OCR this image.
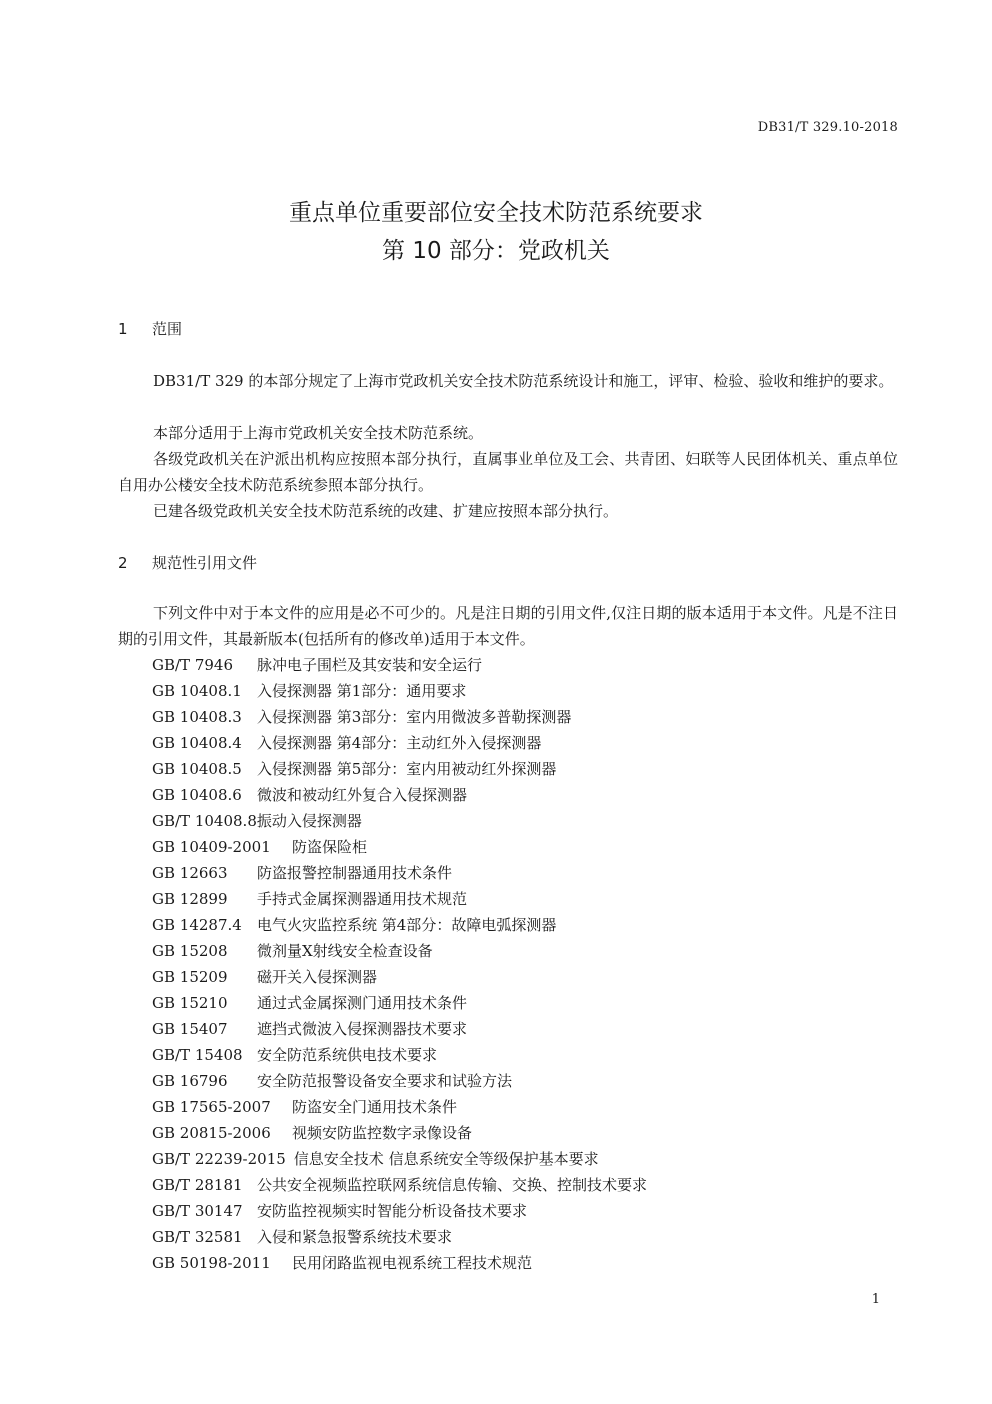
DB31/T 329.10-2018
重点单位重要部位安全技术防范系统要求
第 10 部分：党政机关
1 范围

DB31/T 329 的本部分规定了上海市党政机关安全技术防范系统设计和施工，评审、检验、验收和维护的要求。

本部分适用于上海市党政机关安全技术防范系统。

各级党政机关在沪派出机构应按照本部分执行，直属事业单位及工会、共青团、妇联等人民团体机关、重点单位自用办公楼安全技术防范系统参照本部分执行。

已建各级党政机关安全技术防范系统的改建、扩建应按照本部分执行。

2 规范性引用文件

下列文件中对于本文件的应用是必不可少的。凡是注日期的引用文件,仅注日期的版本适用于本文件。凡是不注日期的引用文件，其最新版本(包括所有的修改单)适用于本文件。

GB/T 7946 脉冲电子围栏及其安装和安全运行
GB 10408.1 入侵探测器 第1部分：通用要求
GB 10408.3 入侵探测器 第3部分：室内用微波多普勒探测器
GB 10408.4 入侵探测器 第4部分：主动红外入侵探测器
GB 10408.5 入侵探测器 第5部分：室内用被动红外探测器
GB 10408.6 微波和被动红外复合入侵探测器
GB/T 10408.8振动入侵探测器
GB 10409-2001 防盗保险柜
GB 12663 防盗报警控制器通用技术条件
GB 12899 手持式金属探测器通用技术规范
GB 14287.4 电气火灾监控系统 第4部分：故障电弧探测器
GB 15208 微剂量X射线安全检查设备
GB 15209 磁开关入侵探测器
GB 15210 通过式金属探测门通用技术条件
GB 15407 遮挡式微波入侵探测器技术要求
GB/T 15408 安全防范系统供电技术要求
GB 16796 安全防范报警设备安全要求和试验方法
GB 17565-2007 防盗安全门通用技术条件
GB 20815-2006 视频安防监控数字录像设备
GB/T 22239-2015 信息安全技术 信息系统安全等级保护基本要求
GB/T 28181 公共安全视频监控联网系统信息传输、交换、控制技术要求
GB/T 30147 安防监控视频实时智能分析设备技术要求
GB/T 32581 入侵和紧急报警系统技术要求
GB 50198-2011 民用闭路监视电视系统工程技术规范
1
